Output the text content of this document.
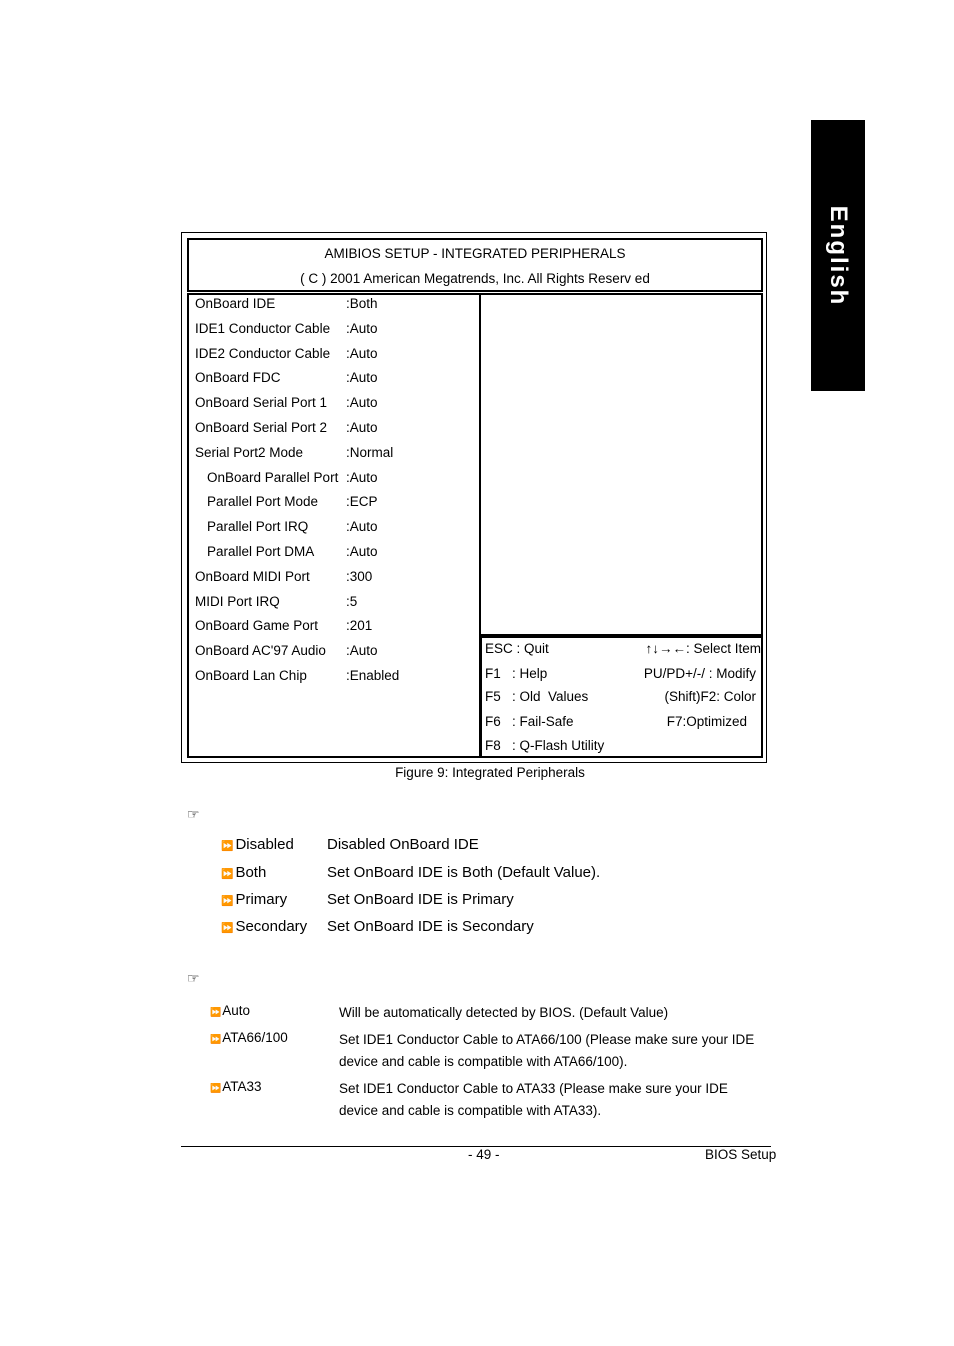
English
AMIBIOS SETUP - INTEGRATED PERIPHERALS
( C ) 2001 American Megatrends, Inc. All Rights Reserv ed
OnBoard IDE	:Both
IDE1 Conductor Cable :Auto
IDE2 Conductor Cable :Auto
OnBoard FDC	:Auto
OnBoard Serial Port 1 :Auto
OnBoard Serial Port 2 :Auto
Serial Port2 Mode	:Normal
OnBoard Parallel Port :Auto
Parallel Port Mode :ECP
Parallel Port IRQ	:Auto
Parallel Port DMA :Auto
OnBoard MIDI Port	:300
MIDI Port IRQ	:5
OnBoard Game Port :201
OnBoard AC'97 Audio :Auto
OnBoard Lan Chip	:Enabled
ESC : Quit	↑↓→←: Select Item
F1   : Help	PU/PD+/-/ : Modify
F5   : Old  Values	(Shift)F2: Color
F6   : Fail-Safe	F7:Optimized
F8   : Q-Flash Utility
Figure 9: Integrated Peripherals
☞
⏩ Disabled Disabled OnBoard IDE
⏩ Both	Set OnBoard IDE is Both (Default Value).
⏩ Primary	Set OnBoard IDE is Primary
⏩ Secondary Set OnBoard IDE is Secondary
☞
⏩Auto	Will be automatically detected by BIOS. (Default Value)
⏩ATA66/100	Set IDE1 Conductor Cable to ATA66/100 (Please make sure your IDE device and cable is compatible with ATA66/100).
⏩ATA33	Set IDE1 Conductor Cable to ATA33 (Please make sure your IDE device and cable is compatible with ATA33).
- 49 -	BIOS Setup
